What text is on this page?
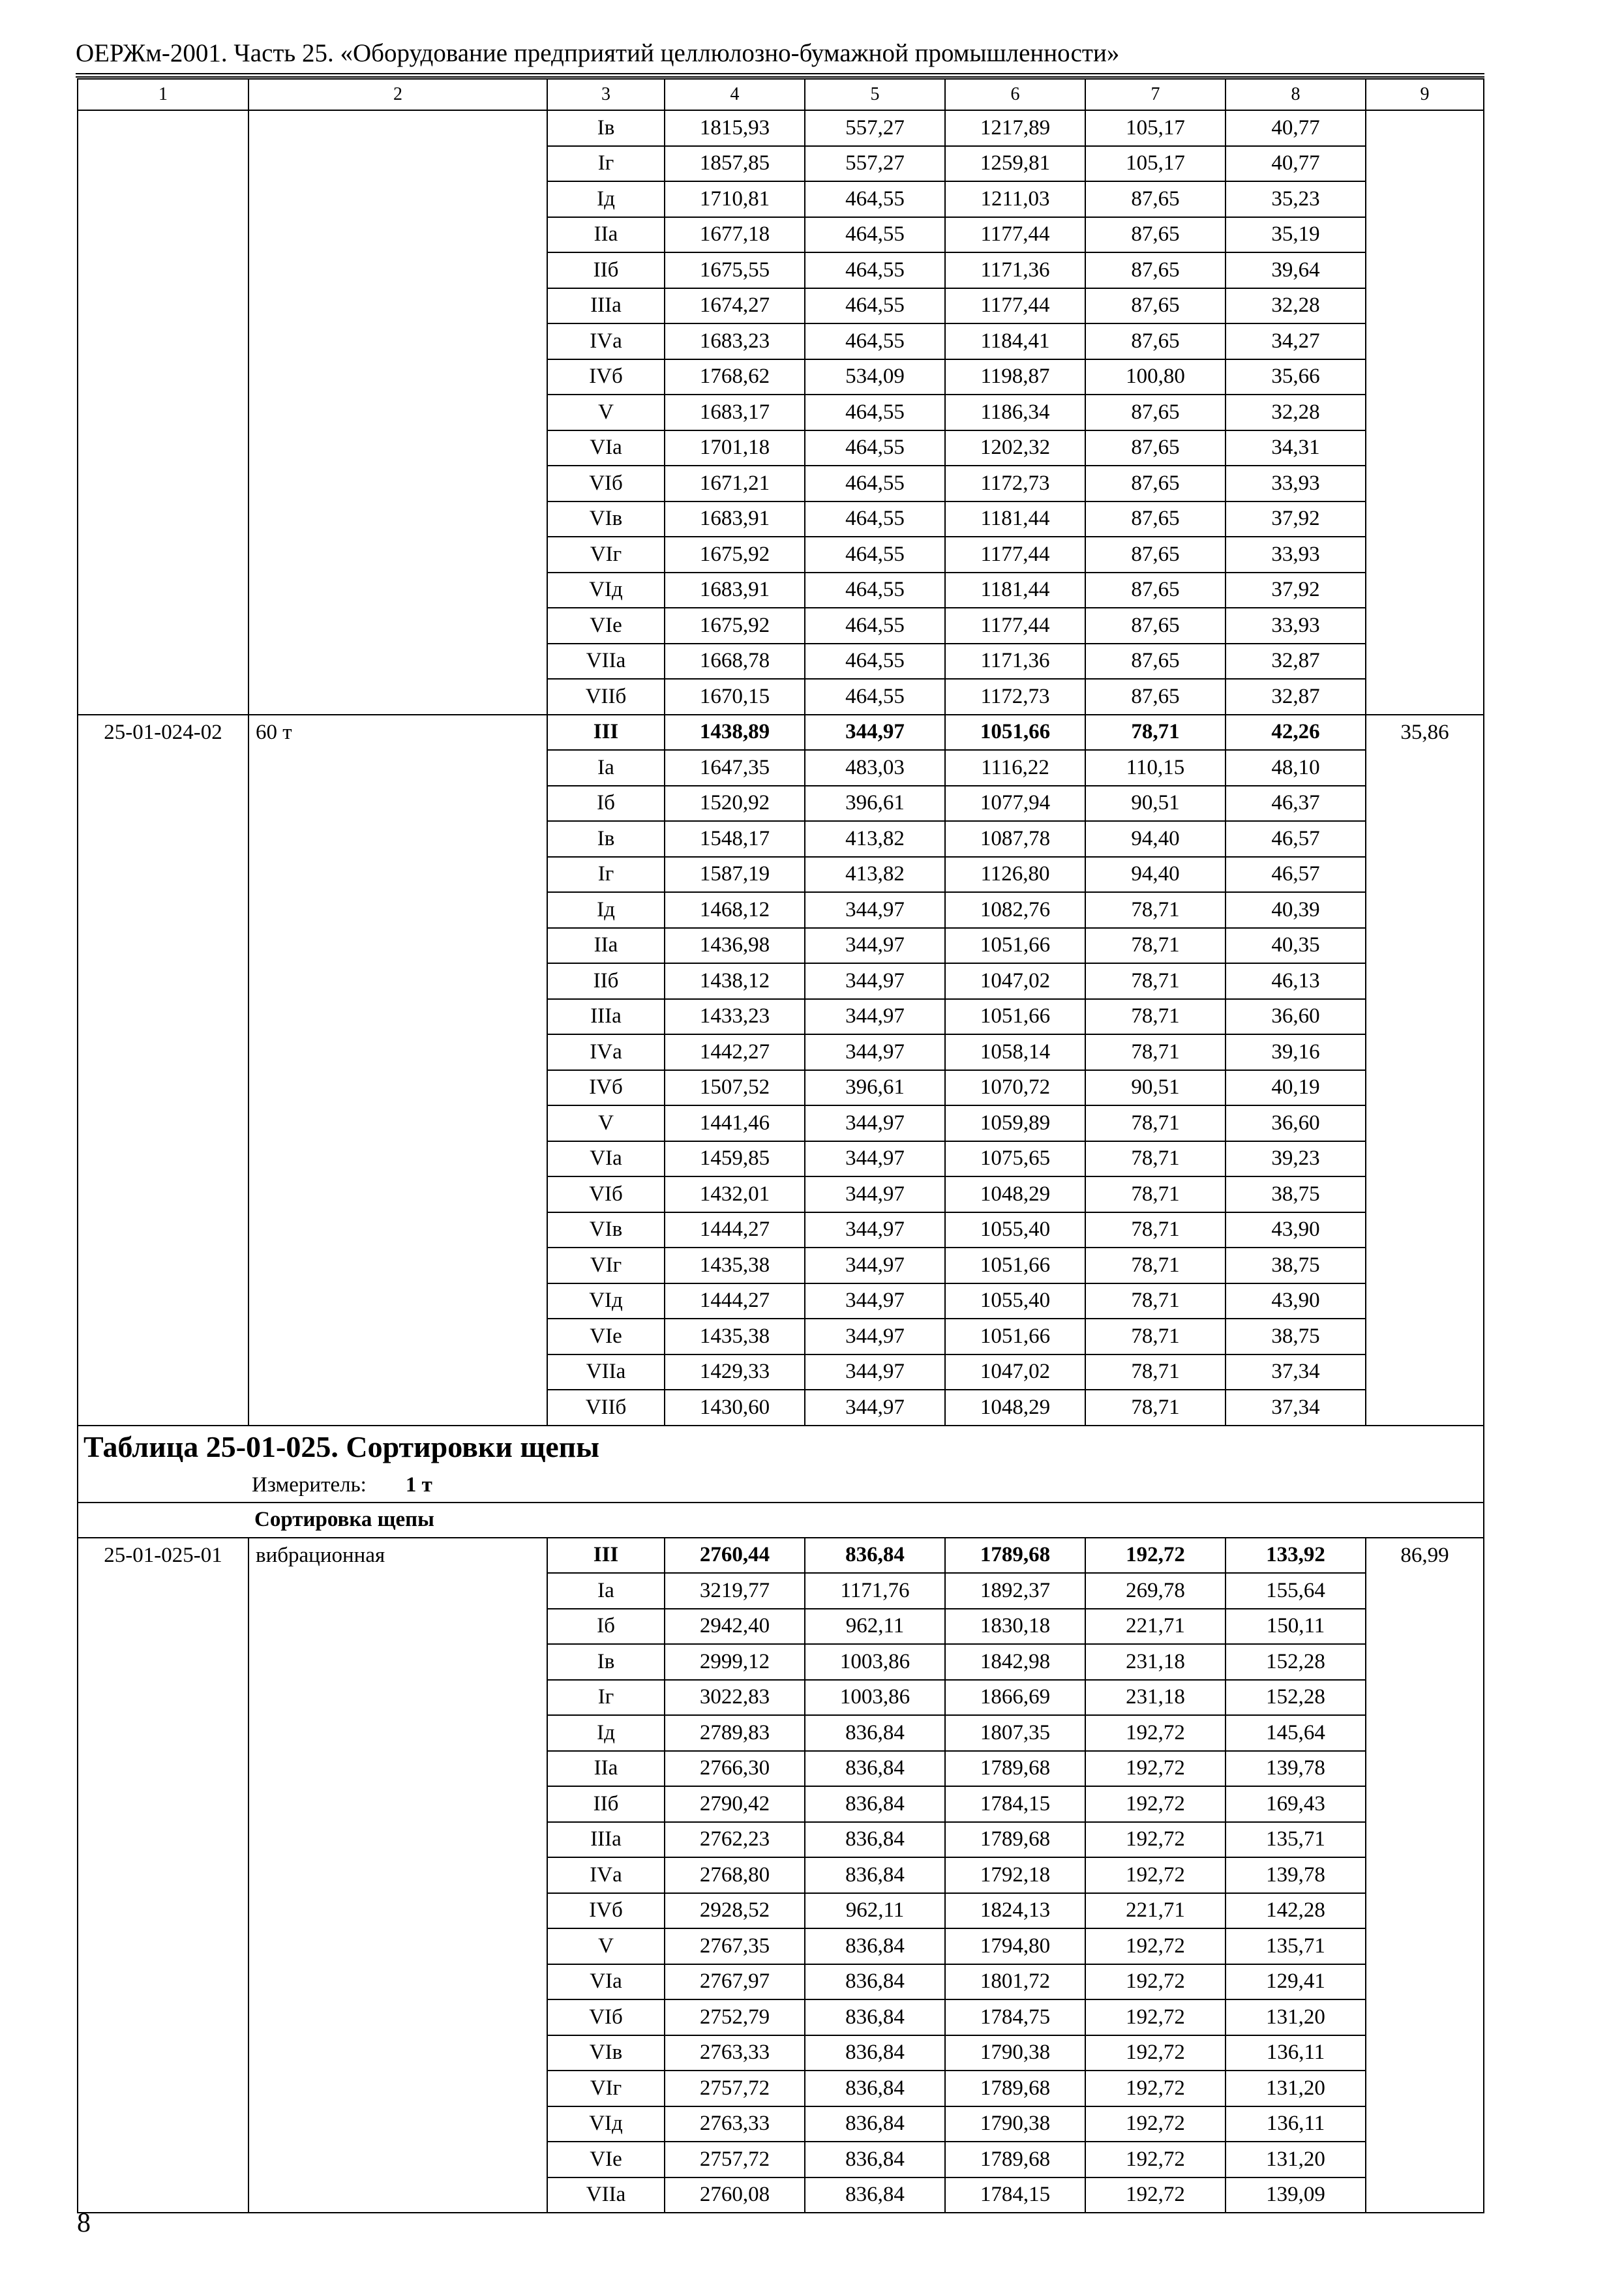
ОЕРЖм-2001. Часть 25. «Оборудование предприятий целлюлозно-бумажной промышленности»
1	2	3	4	5	6	7	8	9
		Iв	1815,93	557,27	1217,89	105,17	40,77	
		Iг	1857,85	557,27	1259,81	105,17	40,77	
		Iд	1710,81	464,55	1211,03	87,65	35,23	
		IIа	1677,18	464,55	1177,44	87,65	35,19	
		IIб	1675,55	464,55	1171,36	87,65	39,64	
		IIIа	1674,27	464,55	1177,44	87,65	32,28	
		IVа	1683,23	464,55	1184,41	87,65	34,27	
		IVб	1768,62	534,09	1198,87	100,80	35,66	
		V	1683,17	464,55	1186,34	87,65	32,28	
		VIа	1701,18	464,55	1202,32	87,65	34,31	
		VIб	1671,21	464,55	1172,73	87,65	33,93	
		VIв	1683,91	464,55	1181,44	87,65	37,92	
		VIг	1675,92	464,55	1177,44	87,65	33,93	
		VIд	1683,91	464,55	1181,44	87,65	37,92	
		VIе	1675,92	464,55	1177,44	87,65	33,93	
		VIIа	1668,78	464,55	1171,36	87,65	32,87	
		VIIб	1670,15	464,55	1172,73	87,65	32,87	
25-01-024-02	60 т	III	1438,89	344,97	1051,66	78,71	42,26	35,86
		Iа	1647,35	483,03	1116,22	110,15	48,10	
		Iб	1520,92	396,61	1077,94	90,51	46,37	
		Iв	1548,17	413,82	1087,78	94,40	46,57	
		Iг	1587,19	413,82	1126,80	94,40	46,57	
		Iд	1468,12	344,97	1082,76	78,71	40,39	
		IIа	1436,98	344,97	1051,66	78,71	40,35	
		IIб	1438,12	344,97	1047,02	78,71	46,13	
		IIIа	1433,23	344,97	1051,66	78,71	36,60	
		IVа	1442,27	344,97	1058,14	78,71	39,16	
		IVб	1507,52	396,61	1070,72	90,51	40,19	
		V	1441,46	344,97	1059,89	78,71	36,60	
		VIа	1459,85	344,97	1075,65	78,71	39,23	
		VIб	1432,01	344,97	1048,29	78,71	38,75	
		VIв	1444,27	344,97	1055,40	78,71	43,90	
		VIг	1435,38	344,97	1051,66	78,71	38,75	
		VIд	1444,27	344,97	1055,40	78,71	43,90	
		VIе	1435,38	344,97	1051,66	78,71	38,75	
		VIIа	1429,33	344,97	1047,02	78,71	37,34	
		VIIб	1430,60	344,97	1048,29	78,71	37,34	

Таблица 25-01-025. Сортировки щепы
Измеритель: 1 т								

Сортировка щепы								
25-01-025-01	вибрационная	III	2760,44	836,84	1789,68	192,72	133,92	86,99
		Iа	3219,77	1171,76	1892,37	269,78	155,64	
		Iб	2942,40	962,11	1830,18	221,71	150,11	
		Iв	2999,12	1003,86	1842,98	231,18	152,28	
		Iг	3022,83	1003,86	1866,69	231,18	152,28	
		Iд	2789,83	836,84	1807,35	192,72	145,64	
		IIа	2766,30	836,84	1789,68	192,72	139,78	
		IIб	2790,42	836,84	1784,15	192,72	169,43	
		IIIа	2762,23	836,84	1789,68	192,72	135,71	
		IVа	2768,80	836,84	1792,18	192,72	139,78	
		IVб	2928,52	962,11	1824,13	221,71	142,28	
		V	2767,35	836,84	1794,80	192,72	135,71	
		VIа	2767,97	836,84	1801,72	192,72	129,41	
		VIб	2752,79	836,84	1784,75	192,72	131,20	
		VIв	2763,33	836,84	1790,38	192,72	136,11	
		VIг	2757,72	836,84	1789,68	192,72	131,20	
		VIд	2763,33	836,84	1790,38	192,72	136,11	
		VIе	2757,72	836,84	1789,68	192,72	131,20	
		VIIа	2760,08	836,84	1784,15	192,72	139,09	
8
